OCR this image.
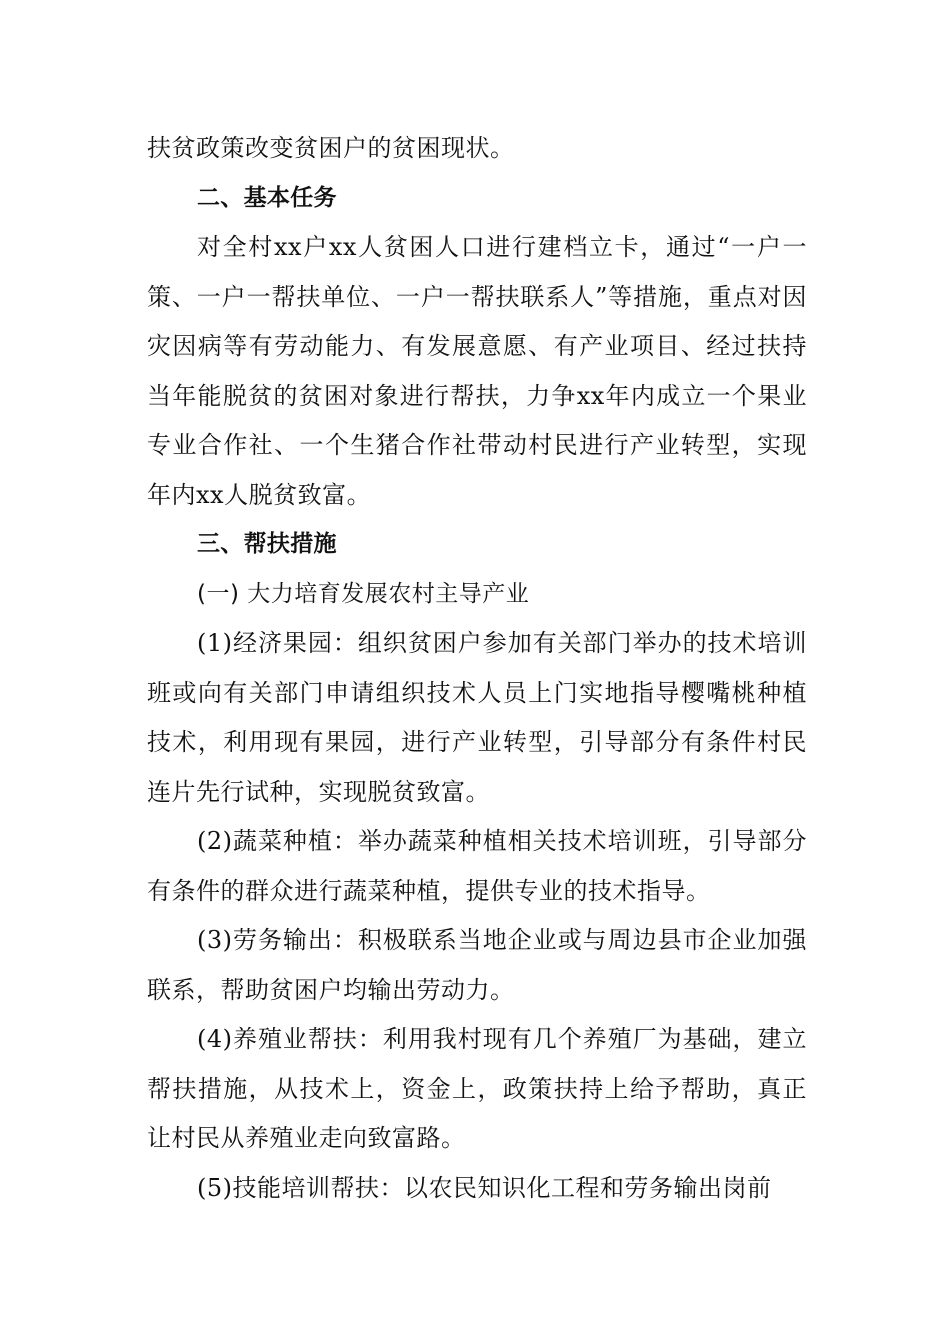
扶贫政策改变贫困户的贫困现状。

二、基本任务

对全村xx户xx人贫困人口进行建档立卡，通过“一户一策、一户一帮扶单位、一户一帮扶联系人”等措施，重点对因灾因病等有劳动能力、有发展意愿、有产业项目、经过扶持当年能脱贫的贫困对象进行帮扶，力争xx年内成立一个果业专业合作社、一个生猪合作社带动村民进行产业转型，实现年内xx人脱贫致富。

三、帮扶措施

(一) 大力培育发展农村主导产业

(1)经济果园：组织贫困户参加有关部门举办的技术培训班或向有关部门申请组织技术人员上门实地指导樱嘴桃种植技术，利用现有果园，进行产业转型，引导部分有条件村民连片先行试种，实现脱贫致富。

(2)蔬菜种植：举办蔬菜种植相关技术培训班，引导部分有条件的群众进行蔬菜种植，提供专业的技术指导。

(3)劳务输出：积极联系当地企业或与周边县市企业加强联系，帮助贫困户均输出劳动力。

(4)养殖业帮扶：利用我村现有几个养殖厂为基础，建立帮扶措施，从技术上，资金上，政策扶持上给予帮助，真正让村民从养殖业走向致富路。

(5)技能培训帮扶：以农民知识化工程和劳务输出岗前
